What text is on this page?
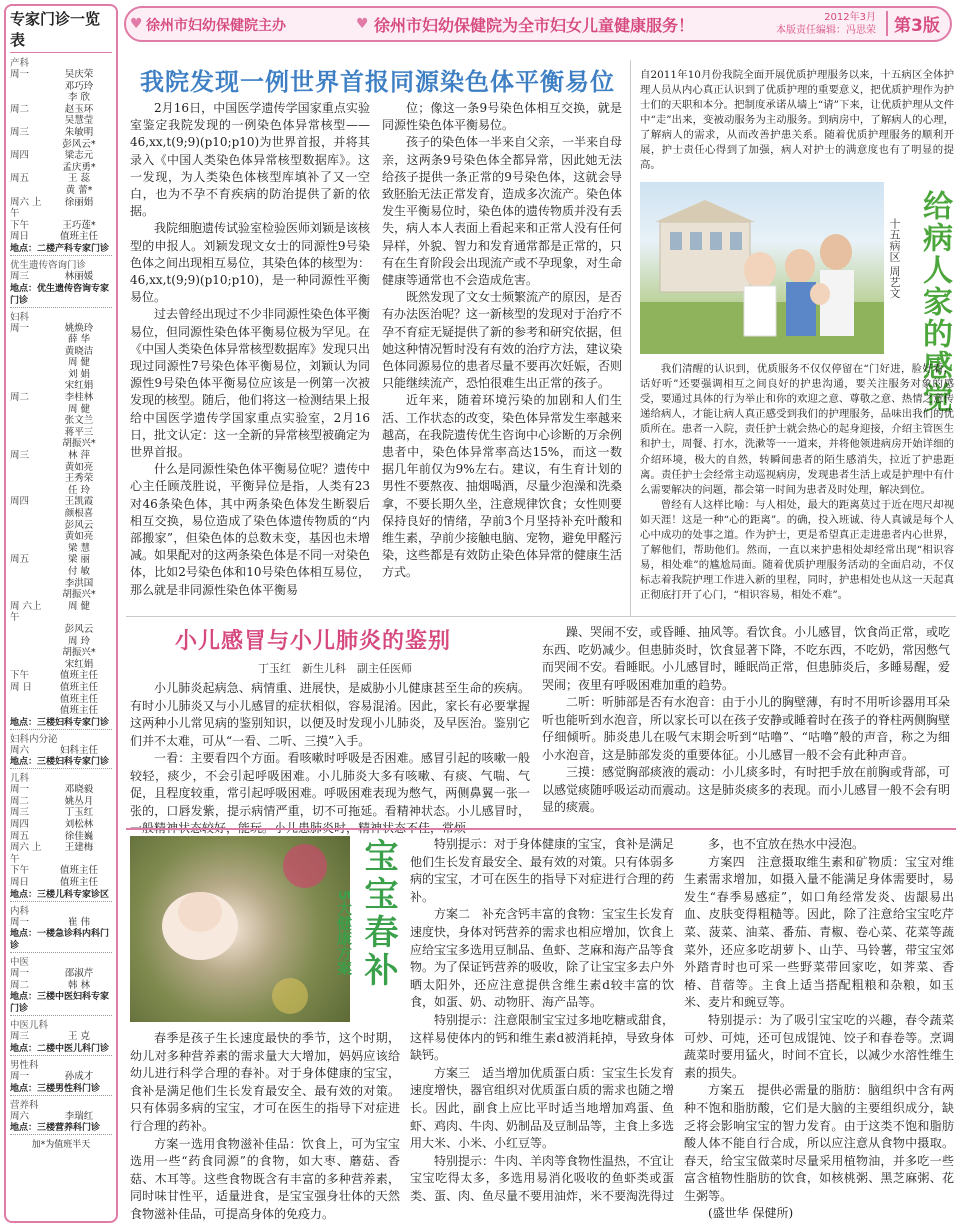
专家门诊一览表
产科
周一	吴庆荣
邓巧玲
李 欣
周二	赵玉环
吴慧莹
周三	朱敏明
彭风云*
周四	梁志元
孟庆勇*
周五	王 蕊
黄 蕾*
周六 上午
徐丽娟
下午	王巧莲*
周日	值班主任
地点：二楼产科专家门诊
优生遗传咨询门诊
周三	林丽媛
地点：优生遗传咨询专家门诊
妇科
周一	姚焕玲
薛 华
黄晓洁
周 健
刘 娟
宋红娟
周二	李桂林
周 健
张文兰
蒋平三
胡振兴*
周三	林 萍
黄如亮
王秀荣
任 玲
周四	王凯霞
颜根喜
彭风云
黄如亮
梁 慧
周五	梁 丽
付 敏
李洪国
胡振兴*
周 六上午
周 健
彭风云
周 玲
胡振兴*
宋红娟
下午	值班主任
周 日	值班主任
值班主任
值班主任
地点：三楼妇科专家门诊
妇科内分泌
周六	妇科主任
地点：三楼妇科专家门诊
儿科
周一	邓晓毅
周二	姚丛月
周三	丁玉红
周四	刘松林
周五	徐佳巍
周六 上午
王建梅
下午	值班主任
周日	值班主任
地点：三楼儿科专家诊区
内科
周一	崔 伟
地点：一楼急诊科内科门诊
中医
周一	邵淑芹
周二	韩 林
地点：三楼中医妇科专家门诊
中医儿科
周三	王 克
地点：二楼中医儿科门诊
男性科
周一	孙成才
地点：三楼男性科门诊
营养科
周六	李瑞红
地点：三楼营养科门诊
加*为值班半天
♥ 徐州市妇幼保健院主办	♥ 徐州市妇幼保健院为全市妇女儿童健康服务！	2012年3月
本版责任编辑：冯思荣	第3版
我院发现一例世界首报同源染色体平衡易位

2月16日，中国医学遗传学国家重点实验室鉴定我院发现的一例染色体异常核型——46,xx,t(9;9)(p10;p10)为世界首报，并将其录入《中国人类染色体异常核型数据库》。这一发现，为人类染色体核型库填补了又一空白，也为不孕不育疾病的防治提供了新的依据。

我院细胞遗传试验室检验医师刘颖是该核型的申报人。刘颖发现文女士的同源性9号染色体之间出现相互易位，其染色体的核型为：46,xx,t(9;9)(p10;p10)，是一种同源性平衡易位。

过去曾经出现过不少非同源性染色体平衡易位，但同源性染色体平衡易位极为罕见。在《中国人类染色体异常核型数据库》发现只出现过同源性7号染色体平衡易位，刘颖认为同源性9号染色体平衡易位应该是一例第一次被发现的核型。随后，他们将这一检测结果上报给中国医学遗传学国家重点实验室，2月16日，批文认定：这一全新的异常核型被确定为世界首报。

什么是同源性染色体平衡易位呢？遗传中心主任顾茂胜说，平衡异位是指，人类有23对46条染色体，其中两条染色体发生断裂后相互交换，易位造成了染色体遗传物质的“内部搬家”，但染色体的总数未变，基因也未增减。如果配对的这两条染色体是不同一对染色体，比如2号染色体和10号染色体相互易位，那么就是非同源性染色体平衡易

位；像这一条9号染色体相互交换，就是同源性染色体平衡易位。

孩子的染色体一半来自父亲，一半来自母亲，这两条9号染色体全都异常，因此她无法给孩子提供一条正常的9号染色体，这就会导致胚胎无法正常发育，造成多次流产。染色体发生平衡易位时，染色体的遗传物质并没有丢失，病人本人表面上看起来和正常人没有任何异样，外貌、智力和发育通常都是正常的，只有在生育阶段会出现流产或不孕现象，对生命健康等通常也不会造成危害。

既然发现了文女士频繁流产的原因，是否有办法医治呢？这一新核型的发现对于治疗不孕不育症无疑提供了新的参考和研究依据，但她这种情况暂时没有有效的治疗方法，建议染色体同源易位的患者尽量不要再次妊娠，否则只能继续流产，恐怕很难生出正常的孩子。

近年来，随着环境污染的加剧和人们生活、工作状态的改变，染色体异常发生率越来越高，在我院遗传优生咨询中心诊断的万余例患者中，染色体异常率高达15%，而这一数据几年前仅为9%左右。建议，有生育计划的男性不要熬夜、抽烟喝酒，尽量少泡澡和洗桑拿，不要长期久坐，注意规律饮食；女性则要保持良好的情绪，孕前3个月坚持补充叶酸和维生素，孕前少接触电脑、宠物，避免甲醛污染，这些都是有效防止染色体异常的健康生活方式。

自2011年10月份我院全面开展优质护理服务以来，十五病区全体护理人员从内心真正认识到了优质护理的重要意义，把优质护理作为护士们的天职和本分。把制度承诺从墙上“请”下来，让优质护理从文件中“走”出来，变被动服务为主动服务。到病房中，了解病人的心理，了解病人的需求，从而改善护患关系。随着优质护理服务的顺利开展，护士责任心得到了加强，病人对护士的满意度也有了明显的提高。
给病人家的感觉
十五病区 周艺文

我们清醒的认识到，优质服务不仅仅停留在“门好进，脸好看，话好听”还要强调相互之间良好的护患沟通，要关注服务对象的感受，要通过具体的行为举止和你的欢迎之意、尊敬之意、热情之意传递给病人，才能让病人真正感受到我们的护理服务，品味出我们的优质所在。患者一入院，责任护士就会热心的起身迎接，介绍主管医生和护士，周餐、打水，洗漱等一一道来，并将他领进病房开始详细的介绍环境，极大的自然，转瞬间患者的陌生感消失，拉近了护患距离。责任护士会经常主动巡视病房，发现患者生活上或是护理中有什么需要解决的问题，都会第一时间为患者及时处理，解决到位。

曾经有人这样比喻：与人相处，最大的距离莫过于近在咫尺却视如天涯！这是一种“心的距离”。的确，投入班诚、待人真诚是每个人心中成功的处事之道。作为护士，更是希望真正走进患者内心世界，了解他们，帮助他们。然而，一直以来护患相处却经常出现“相识容易，相处难”的尴尬局面。随着优质护理服务活动的全面启动，不仅标志着我院护理工作进入新的里程，同时，护患相处也从这一天起真正彻底打开了心门，“相识容易，相处不难”。

小儿感冒与小儿肺炎的鉴别
丁玉红　新生儿科　副主任医师

小儿肺炎起病急、病情重、进展快，是威胁小儿健康甚至生命的疾病。有时小儿肺炎又与小儿感冒的症状相似，容易混淆。因此，家长有必要掌握这两种小儿常见病的鉴别知识，以便及时发现小儿肺炎，及早医治。鉴别它们并不太难，可从“一看、二听、三摸”入手。

一看：主要看四个方面。看咳嗽时呼吸是否困难。感冒引起的咳嗽一般较轻，痰少，不会引起呼吸困难。小儿肺炎大多有咳嗽、有痰、气喘、气促，且程度较重，常引起呼吸困难。呼吸困难表现为憋气，两侧鼻翼一张一张的，口唇发紫，提示病情严重，切不可拖延。看精神状态。小儿感冒时，一般精神状态较好，能玩。小儿患肺炎时，精神状态不佳，常烦

躁、哭闹不安，或昏睡、抽风等。看饮食。小儿感冒，饮食尚正常，或吃东西、吃奶减少。但患肺炎时，饮食显著下降，不吃东西，不吃奶，常因憋气而哭闹不安。看睡眠。小儿感冒时，睡眠尚正常，但患肺炎后，多睡易醒，爱哭闹；夜里有呼吸困难加重的趋势。

二听：听肺部是否有水泡音：由于小儿的胸壁薄，有时不用听诊器用耳朵听也能听到水泡音，所以家长可以在孩子安静或睡着时在孩子的脊柱两侧胸壁仔细倾听。肺炎患儿在吸气末期会听到“咕噜”、“咕噜”般的声音，称之为细小水泡音，这是肺部发炎的重要体征。小儿感冒一般不会有此种声音。

三摸：感觉胸部痰液的震动：小儿痰多时，有时把手放在前胸或背部，可以感觉痰随呼吸运动而震动。这是肺炎痰多的表现。而小儿感冒一般不会有明显的痰震。

宝宝春补
5大健康方案

春季是孩子生长速度最快的季节，这个时期，幼儿对多种营养素的需求量大大增加，妈妈应该给幼儿进行科学合理的春补。对于身体健康的宝宝，食补是满足他们生长发育最安全、最有效的对策。只有体弱多病的宝宝，才可在医生的指导下对症进行合理的药补。

方案一选用食物滋补佳品：饮食上，可为宝宝选用一些“药食同源”的食物，如大枣、蘑菇、香菇、木耳等。这些食物既含有丰富的多种营养素，同时味甘性平，适量进食，是宝宝强身壮体的天然食物滋补佳品，可提高身体的免疫力。

特别提示：对于身体健康的宝宝，食补是满足他们生长发育最安全、最有效的对策。只有体弱多病的宝宝，才可在医生的指导下对症进行合理的药补。

方案二　补充含钙丰富的食物：宝宝生长发育速度快，身体对钙营养的需求也相应增加，饮食上应给宝宝多选用豆制品、鱼虾、芝麻和海产品等食物。为了保证钙营养的吸收，除了让宝宝多去户外晒太阳外，还应注意提供含维生素d较丰富的饮食，如蛋、奶、动物肝、海产品等。

特别提示：注意限制宝宝过多地吃糖或甜食，这样易使体内的钙和维生素d被消耗掉，导致身体缺钙。

方案三　适当增加优质蛋白质：宝宝生长发育速度增快，器官组织对优质蛋白质的需求也随之增长。因此，副食上应比平时适当地增加鸡蛋、鱼虾、鸡肉、牛肉、奶制品及豆制品等，主食上多选用大米、小米、小红豆等。

特别提示：牛肉、羊肉等食物性温热，不宜让宝宝吃得太多，多选用易消化吸收的鱼虾类或蛋类、蛋、肉、鱼尽量不要用油炸，米不要淘洗得过

多，也不宜放在热水中浸泡。

方案四　注意摄取维生素和矿物质：宝宝对维生素需求增加，如摄入量不能满足身体需要时，易发生“春季易感症”，如口角经常发炎、齿龈易出血、皮肤变得粗糙等。因此，除了注意给宝宝吃芹菜、菠菜、油菜、番茄、青椒、卷心菜、花菜等蔬菜外，还应多吃胡萝卜、山芋、马铃薯，带宝宝郊外踏青时也可采一些野菜带回家吃，如荠菜、香椿、苜蓿等。主食上适当搭配粗粮和杂粮，如玉米、麦片和豌豆等。

特别提示：为了吸引宝宝吃的兴趣，春令蔬菜可炒、可炖，还可包成馄饨、饺子和春卷等。烹调蔬菜时要用猛火，时间不宜长，以减少水溶性维生素的损失。

方案五　提供必需量的脂肪：脑组织中含有两种不饱和脂肪酸，它们是大脑的主要组织成分，缺乏将会影响宝宝的智力发育。由于这类不饱和脂肪酸人体不能自行合成，所以应注意从食物中摄取。春天，给宝宝做菜时尽量采用植物油，并多吃一些富含植物性脂肪的饮食，如核桃粥、黑芝麻粥、花生粥等。

(盛世华 保健所)
